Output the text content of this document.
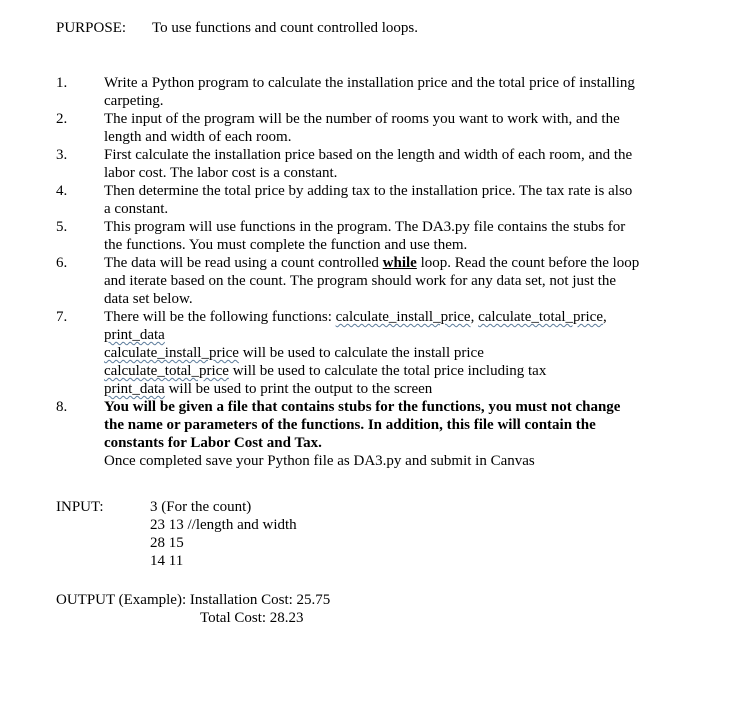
PURPOSE: To use functions and count controlled loops.
1. Write a Python program to calculate the installation price and the total price of installing
carpeting.
2. The input of the program will be the number of rooms you want to work with, and the
length and width of each room.
3. First calculate the installation price based on the length and width of each room, and the
labor cost. The labor cost is a constant.
4. Then determine the total price by adding tax to the installation price. The tax rate is also
a constant.
5. This program will use functions in the program. The DA3.py file contains the stubs for
the functions. You must complete the function and use them.
6. The data will be read using a count controlled while loop. Read the count before the loop
and iterate based on the count. The program should work for any data set, not just the
data set below.
7. There will be the following functions: calculate_install_price, calculate_total_price,
print_data
calculate_install_price will be used to calculate the install price
calculate_total_price will be used to calculate the total price including tax
print_data will be used to print the output to the screen
8. You will be given a file that contains stubs for the functions, you must not change
the name or parameters of the functions. In addition, this file will contain the
constants for Labor Cost and Tax.
Once completed save your Python file as DA3.py and submit in Canvas
INPUT:	3 (For the count)
23 13 //length and width
28 15
14 11
OUTPUT (Example): Installation Cost: 25.75
Total Cost: 28.23
